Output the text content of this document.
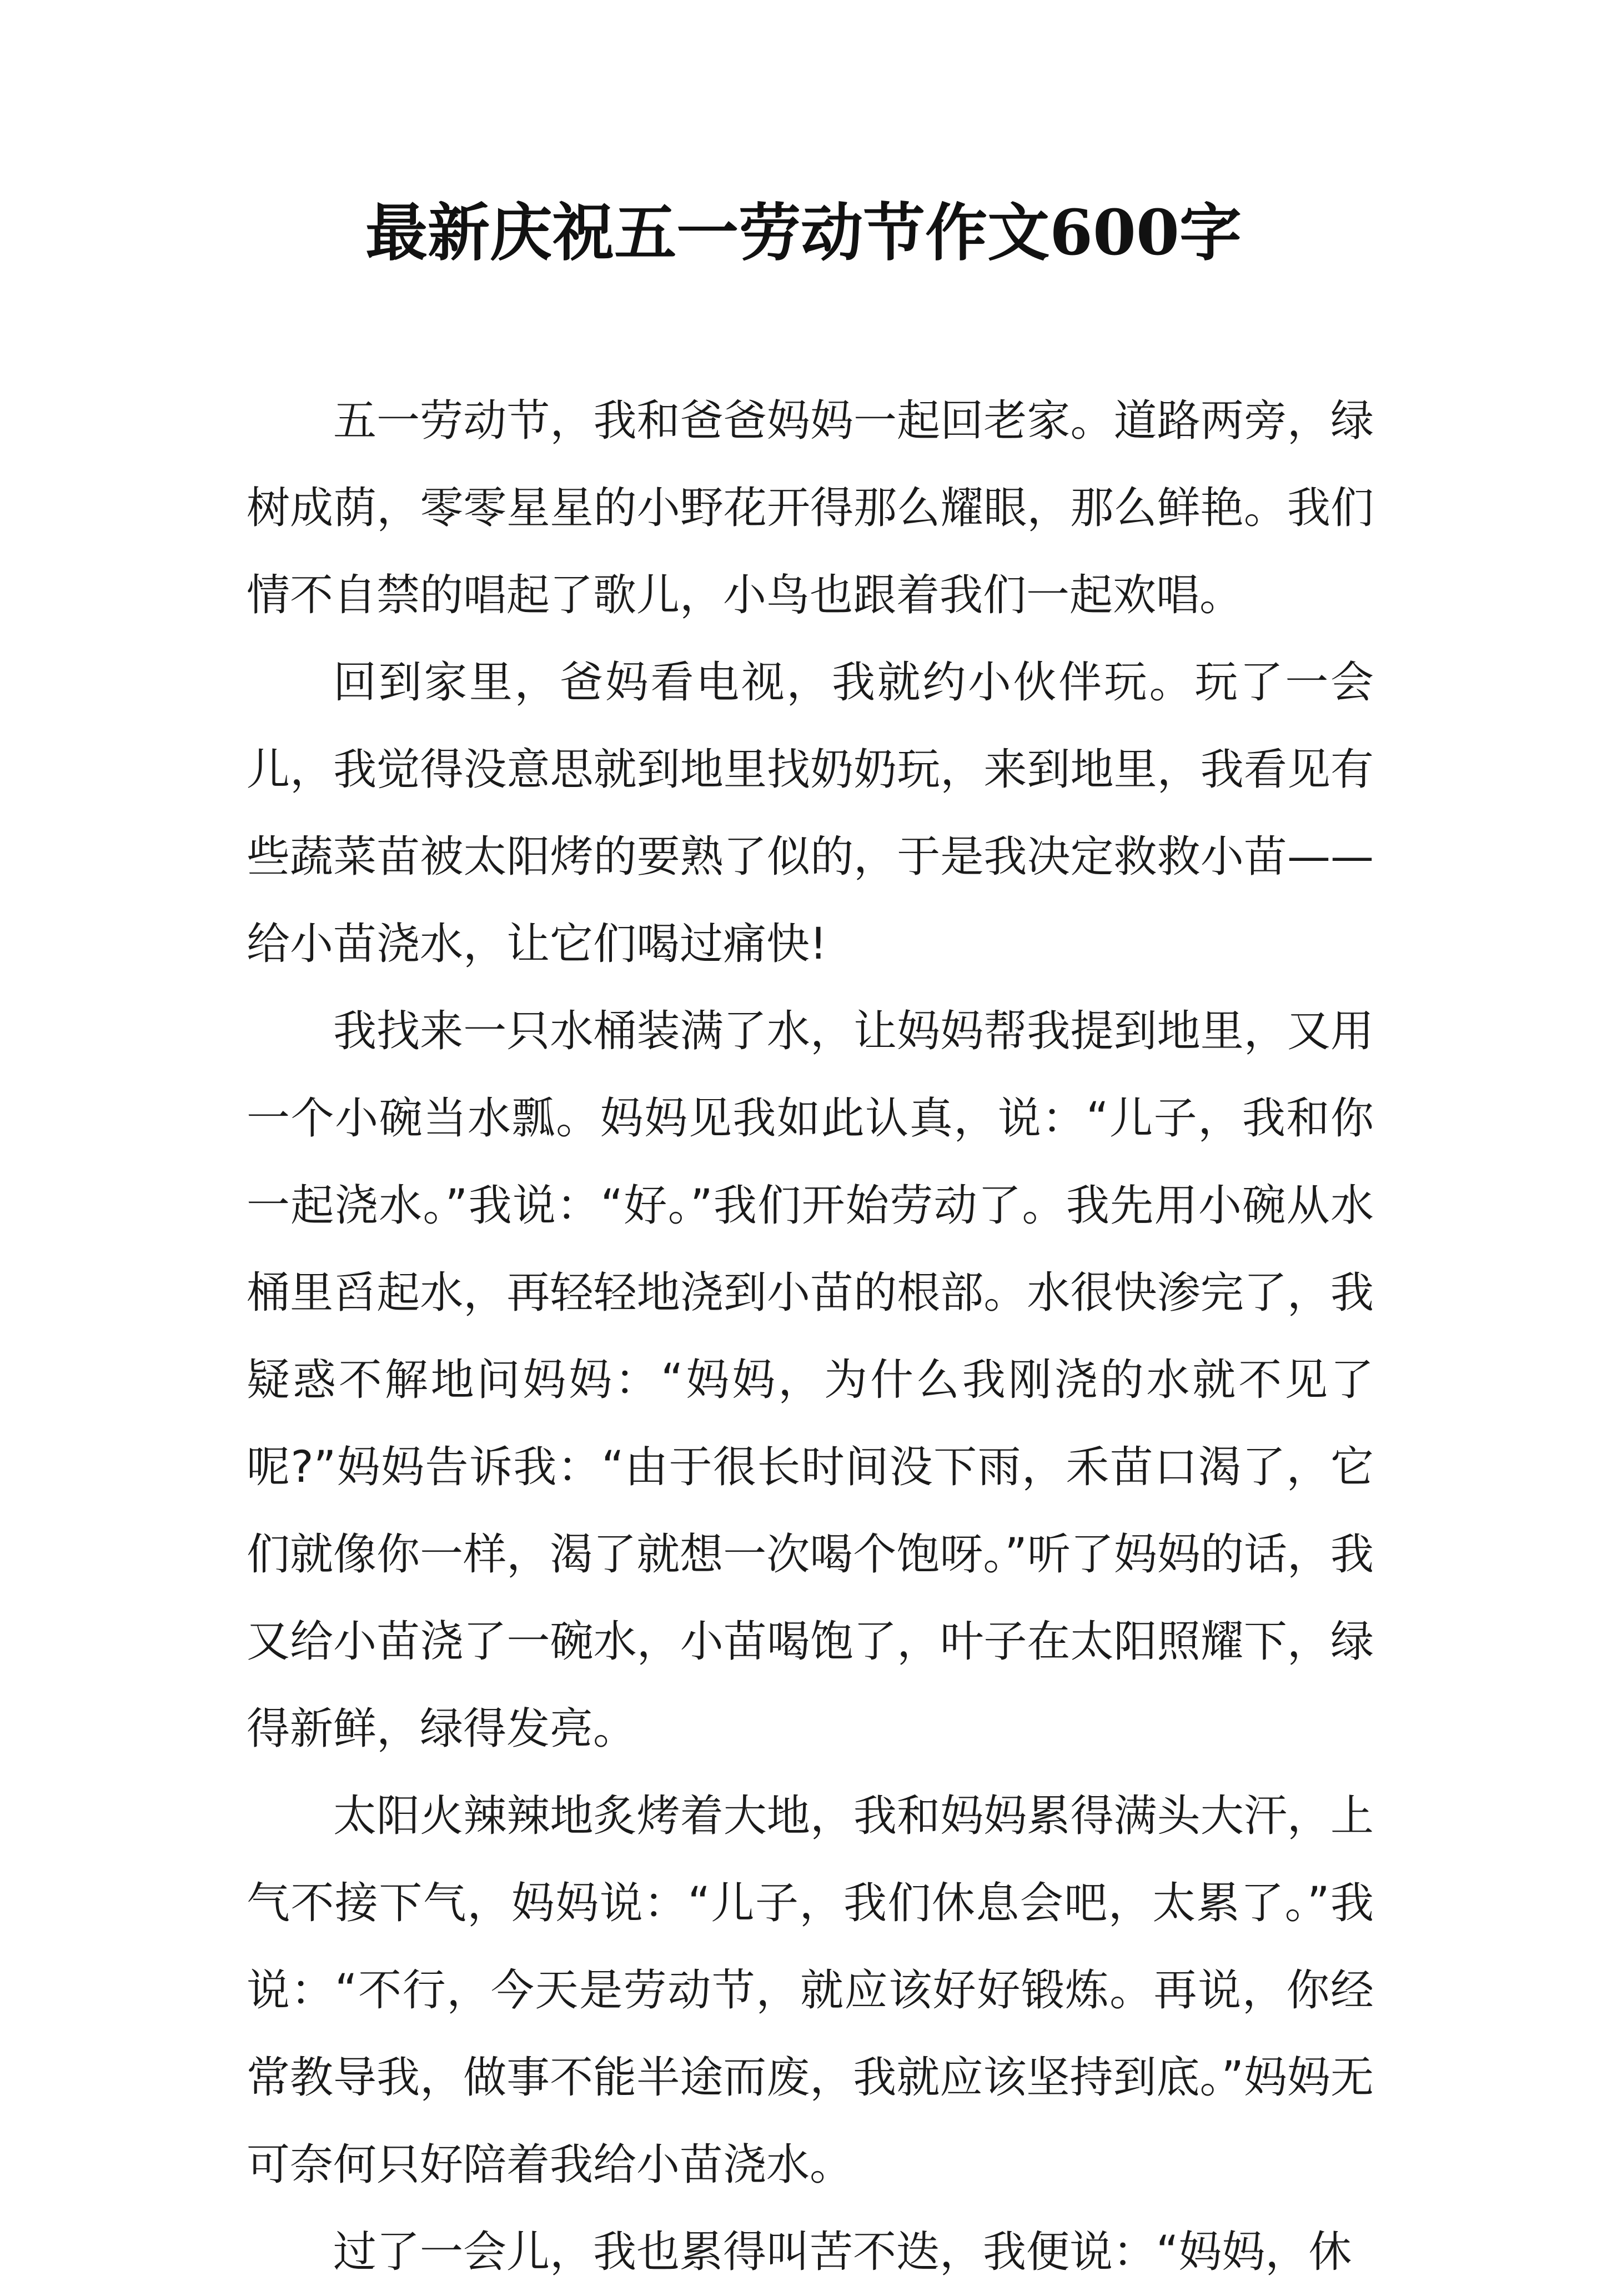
最新庆祝五一劳动节作文600字

五一劳动节，我和爸爸妈妈一起回老家。道路两旁，绿树成荫，零零星星的小野花开得那么耀眼，那么鲜艳。我们情不自禁的唱起了歌儿，小鸟也跟着我们一起欢唱。

回到家里，爸妈看电视，我就约小伙伴玩。玩了一会儿，我觉得没意思就到地里找奶奶玩，来到地里，我看见有些蔬菜苗被太阳烤的要熟了似的，于是我决定救救小苗——给小苗浇水，让它们喝过痛快!

我找来一只水桶装满了水，让妈妈帮我提到地里，又用一个小碗当水瓢。妈妈见我如此认真，说：“儿子，我和你一起浇水。”我说：“好。”我们开始劳动了。我先用小碗从水桶里舀起水，再轻轻地浇到小苗的根部。水很快渗完了，我疑惑不解地问妈妈：“妈妈，为什么我刚浇的水就不见了呢?”妈妈告诉我：“由于很长时间没下雨，禾苗口渴了，它们就像你一样，渴了就想一次喝个饱呀。”听了妈妈的话，我又给小苗浇了一碗水，小苗喝饱了，叶子在太阳照耀下，绿得新鲜，绿得发亮。

太阳火辣辣地炙烤着大地，我和妈妈累得满头大汗，上气不接下气，妈妈说：“儿子，我们休息会吧，太累了。”我说：“不行，今天是劳动节，就应该好好锻炼。再说，你经常教导我，做事不能半途而废，我就应该坚持到底。”妈妈无可奈何只好陪着我给小苗浇水。

过了一会儿，我也累得叫苦不迭，我便说：“妈妈，休
